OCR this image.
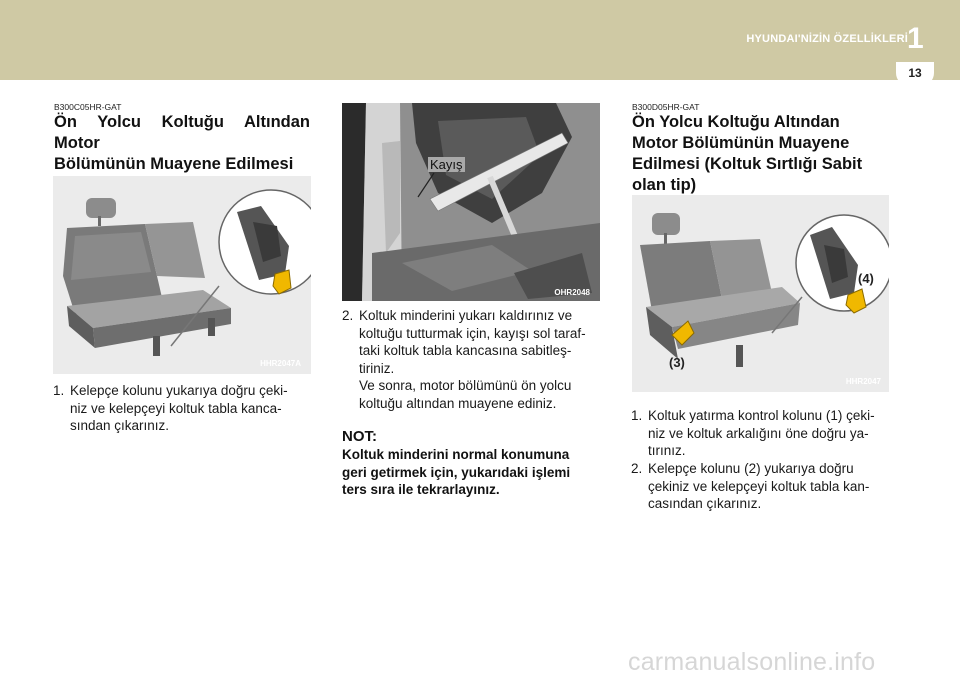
HYUNDAI'NİZİN ÖZELLİKLERİ 1
13
B300C05HR-GAT
Ön Yolcu Koltuğu Altından Motor
Bölümünün Muayene Edilmesi
HHR2047A
1. Kelepçe kolunu yukarıya doğru çeki-
niz ve kelepçeyi koltuk tabla kanca-
sından çıkarınız.
Kayış
OHR2048
2. Koltuk minderini yukarı kaldırınız ve
koltuğu tutturmak için, kayışı sol taraf-
taki koltuk tabla kancasına sabitleş-
tiriniz.
Ve sonra, motor bölümünü ön yolcu
koltuğu altından muayene ediniz.
NOT:
Koltuk minderini normal konumuna
geri getirmek için, yukarıdaki işlemi
ters sıra ile tekrarlayınız.
B300D05HR-GAT
Ön Yolcu Koltuğu Altından
Motor Bölümünün Muayene
Edilmesi (Koltuk Sırtlığı Sabit
olan tip)
(3)
(4)
HHR2047
1. Koltuk yatırma kontrol kolunu (1) çeki-
niz ve koltuk arkalığını öne doğru ya-
tırınız.
2. Kelepçe kolunu (2) yukarıya doğru
çekiniz ve kelepçeyi koltuk tabla kan-
casından çıkarınız.
carmanualsonline.info
